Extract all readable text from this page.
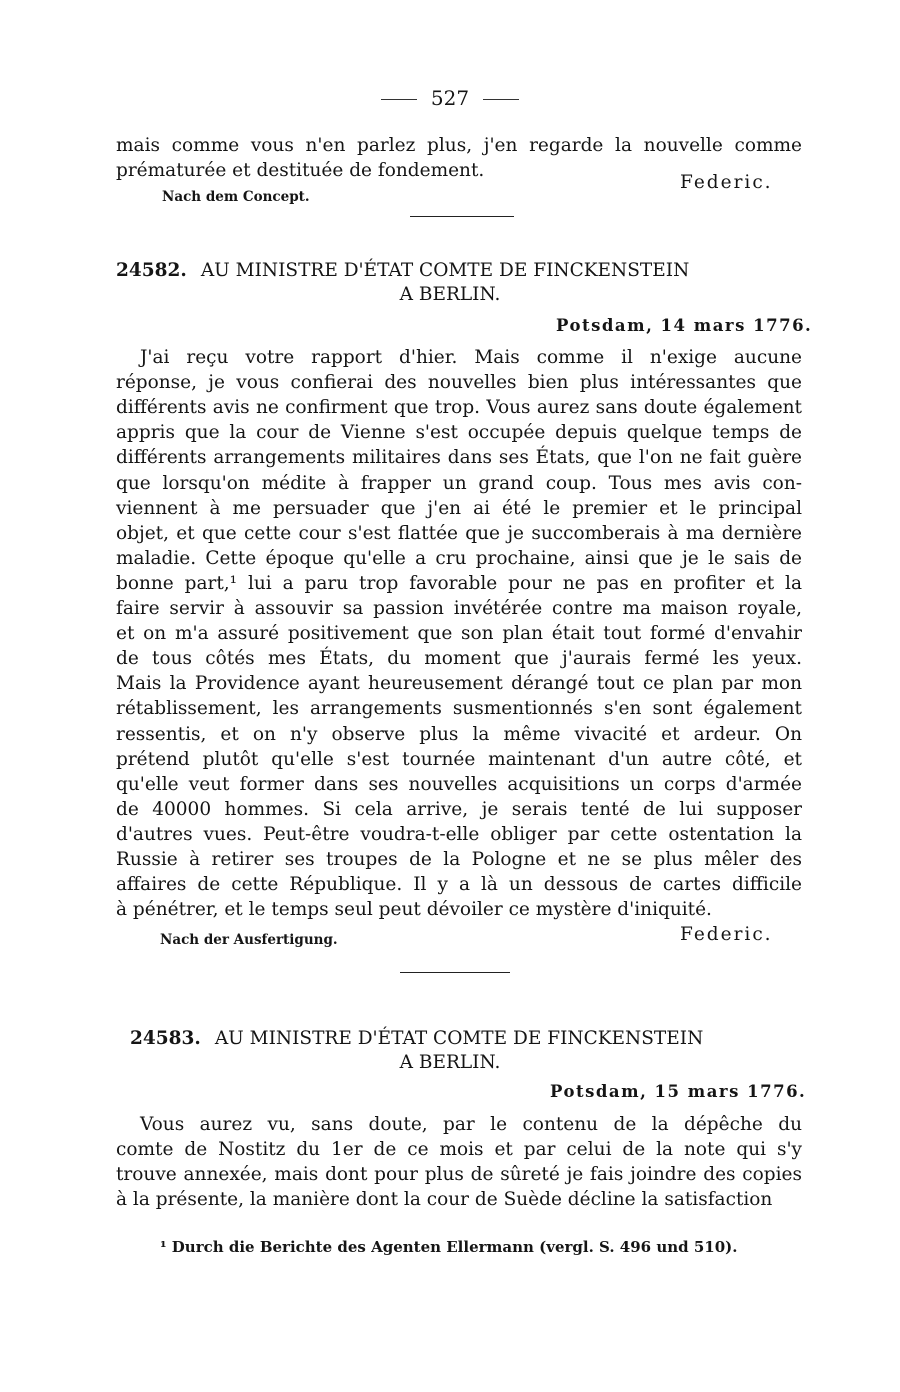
527
mais comme vous n'en parlez plus, j'en regarde la nouvelle comme
prématurée et destituée de fondement.
Nach dem Concept.
Federic.
24582. AU MINISTRE D'ÉTAT COMTE DE FINCKENSTEIN
A BERLIN.
Potsdam, 14 mars 1776.
J'ai reçu votre rapport d'hier. Mais comme il n'exige aucune
réponse, je vous confierai des nouvelles bien plus intéressantes que
différents avis ne confirment que trop. Vous aurez sans doute également
appris que la cour de Vienne s'est occupée depuis quelque temps de
différents arrangements militaires dans ses États, que l'on ne fait guère
que lorsqu'on médite à frapper un grand coup. Tous mes avis con-
viennent à me persuader que j'en ai été le premier et le principal
objet, et que cette cour s'est flattée que je succomberais à ma dernière
maladie. Cette époque qu'elle a cru prochaine, ainsi que je le sais de
bonne part,¹ lui a paru trop favorable pour ne pas en profiter et la
faire servir à assouvir sa passion invétérée contre ma maison royale,
et on m'a assuré positivement que son plan était tout formé d'envahir
de tous côtés mes États, du moment que j'aurais fermé les yeux.
Mais la Providence ayant heureusement dérangé tout ce plan par mon
rétablissement, les arrangements susmentionnés s'en sont également
ressentis, et on n'y observe plus la même vivacité et ardeur. On
prétend plutôt qu'elle s'est tournée maintenant d'un autre côté, et
qu'elle veut former dans ses nouvelles acquisitions un corps d'armée
de 40000 hommes. Si cela arrive, je serais tenté de lui supposer
d'autres vues. Peut-être voudra-t-elle obliger par cette ostentation la
Russie à retirer ses troupes de la Pologne et ne se plus mêler des
affaires de cette République. Il y a là un dessous de cartes difficile
à pénétrer, et le temps seul peut dévoiler ce mystère d'iniquité.
Nach der Ausfertigung.	Federic.
24583. AU MINISTRE D'ÉTAT COMTE DE FINCKENSTEIN
A BERLIN.
Potsdam, 15 mars 1776.
Vous aurez vu, sans doute, par le contenu de la dépêche du
comte de Nostitz du 1er de ce mois et par celui de la note qui s'y
trouve annexée, mais dont pour plus de sûreté je fais joindre des copies
à la présente, la manière dont la cour de Suède décline la satisfaction
¹ Durch die Berichte des Agenten Ellermann (vergl. S. 496 und 510).
